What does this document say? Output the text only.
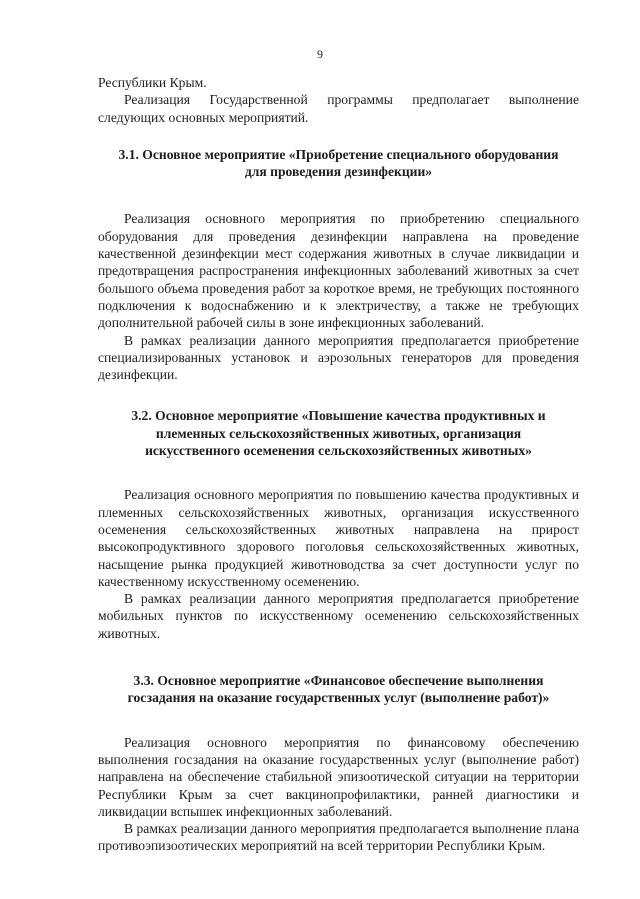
9

Республики Крым.

Реализация Государственной программы предполагает выполнение следующих основных мероприятий.

3.1. Основное мероприятие «Приобретение специального оборудования
для проведения дезинфекции»

Реализация основного мероприятия по приобретению специального оборудования для проведения дезинфекции направлена на проведение качественной дезинфекции мест содержания животных в случае ликвидации и предотвращения распространения инфекционных заболеваний животных за счет большого объема проведения работ за короткое время, не требующих постоянного подключения к водоснабжению и к электричеству, а также не требующих дополнительной рабочей силы в зоне инфекционных заболеваний.

В рамках реализации данного мероприятия предполагается приобретение специализированных установок и аэрозольных генераторов для проведения дезинфекции.

3.2. Основное мероприятие «Повышение качества продуктивных и
племенных сельскохозяйственных животных, организация
искусственного осеменения сельскохозяйственных животных»

Реализация основного мероприятия по повышению качества продуктивных и племенных сельскохозяйственных животных, организация искусственного осеменения сельскохозяйственных животных направлена на прирост высокопродуктивного здорового поголовья сельскохозяйственных животных, насыщение рынка продукцией животноводства за счет доступности услуг по качественному искусственному осеменению.

В рамках реализации данного мероприятия предполагается приобретение мобильных пунктов по искусственному осеменению сельскохозяйственных животных.

3.3. Основное мероприятие «Финансовое обеспечение выполнения
госзадания на оказание государственных услуг (выполнение работ)»

Реализация основного мероприятия по финансовому обеспечению выполнения госзадания на оказание государственных услуг (выполнение работ) направлена на обеспечение стабильной эпизоотической ситуации на территории Республики Крым за счет вакцинопрофилактики, ранней диагностики и ликвидации вспышек инфекционных заболеваний.

В рамках реализации данного мероприятия предполагается выполнение плана противоэпизоотических мероприятий на всей территории Республики Крым.
